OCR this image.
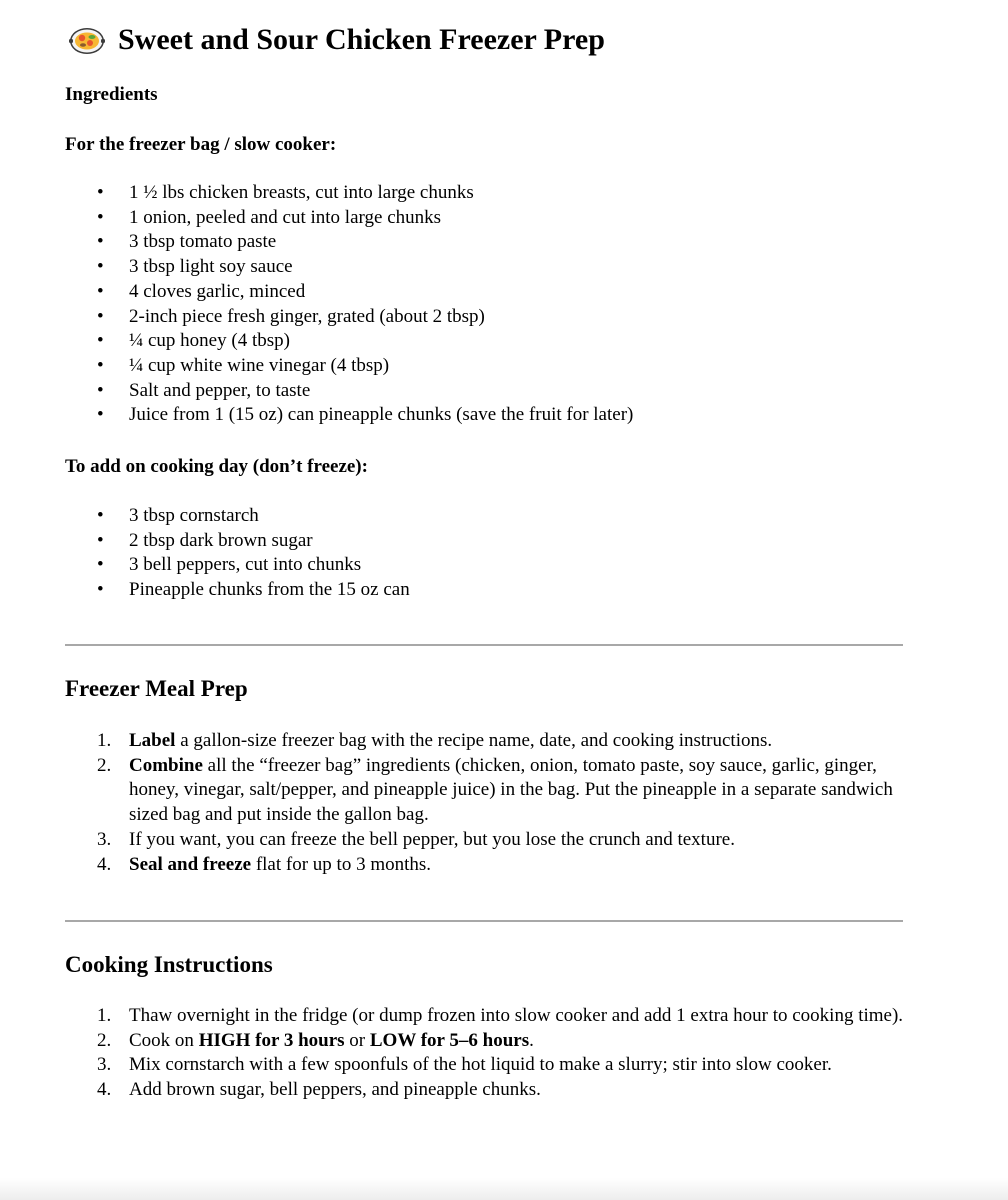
Sweet and Sour Chicken Freezer Prep

Ingredients

For the freezer bag / slow cooker:

•
1 ½ lbs chicken breasts, cut into large chunks
•
1 onion, peeled and cut into large chunks
•
3 tbsp tomato paste
•
3 tbsp light soy sauce
•
4 cloves garlic, minced
•
2-inch piece fresh ginger, grated (about 2 tbsp)
•
¼ cup honey (4 tbsp)
•
¼ cup white wine vinegar (4 tbsp)
•
Salt and pepper, to taste
•
Juice from 1 (15 oz) can pineapple chunks (save the fruit for later)

To add on cooking day (don’t freeze):

•
3 tbsp cornstarch
•
2 tbsp dark brown sugar
•
3 bell peppers, cut into chunks
•
Pineapple chunks from the 15 oz can
Freezer Meal Prep
1. Label a gallon-size freezer bag with the recipe name, date, and cooking instructions.
2. Combine all the “freezer bag” ingredients (chicken, onion, tomato paste, soy sauce, garlic, ginger, honey, vinegar, salt/pepper, and pineapple juice) in the bag. Put the pineapple in a separate sandwich sized bag and put inside the gallon bag.
3. If you want, you can freeze the bell pepper, but you lose the crunch and texture.
4. Seal and freeze flat for up to 3 months.
Cooking Instructions
1. Thaw overnight in the fridge (or dump frozen into slow cooker and add 1 extra hour to cooking time).
2. Cook on HIGH for 3 hours or LOW for 5–6 hours.
3. Mix cornstarch with a few spoonfuls of the hot liquid to make a slurry; stir into slow cooker.
4. Add brown sugar, bell peppers, and pineapple chunks.
